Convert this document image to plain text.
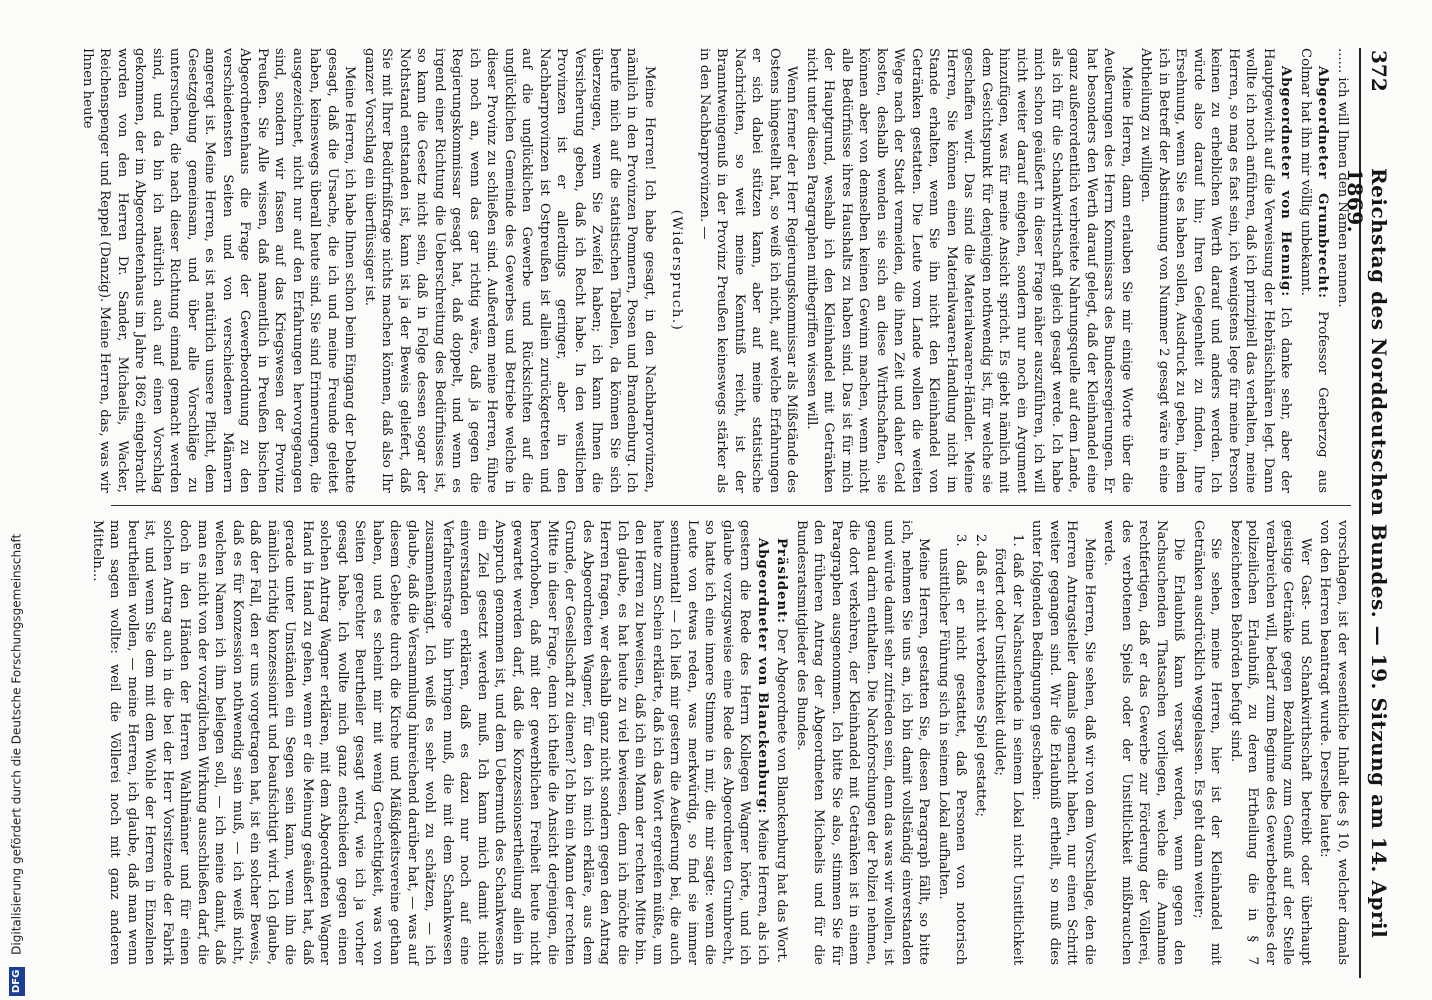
372
Reichstag des Norddeutschen Bundes. — 19. Sitzung am 14. April 1869.

...... ich will Ihnen den Namen nennen.

Abgeordneter Grumbrecht: Professor Gerberzog aus Colmar hat ihn mir völlig unbekannt.

Abgeordneter von Hennig: Ich danke sehr, aber der Hauptgewicht auf die Verweisung der Hebräischhären legt. Dann wollte ich noch anführen, daß ich prinzipiell das verhalten, meine Herren, so mag es fast sein, ich wenigstens lege für meine Person keinen zu erheblichen Werth darauf und anders werden. Ich würde also darauf hin; Ihren Gelegenheit zu finden, Ihre Ersehnung, wenn Sie es haben sollen, Ausdruck zu geben, indem ich in Betreff der Abstimmung von Nummer 2 gesagt wäre in eine Abtheilung zu willigen.

Meine Herren, dann erlauben Sie mir einige Worte über die Aeußerungen des Herrn Kommissars des Bundesregierungen. Er hat besonders den Werth darauf gelegt, daß der Kleinhandel eine ganz außerordentlich verbreitete Nahrungsquelle auf dem Lande, als ich für die Schankwirthschaft gleich gesagt werde. Ich habe mich schon geäußert in dieser Frage näher auszuführen, ich will nicht weiter darauf eingehen, sondern nur noch ein Argument hinzufügen, was für meine Ansicht spricht. Es giebt nämlich mit dem Gesichtspunkt für denjenigen nothwendig ist, für welche sie geschaffen wird. Das sind die Materialwaaren-Händler. Meine Herren, Sie können einen Materialwaaren-Handlung nicht im Stande erhalten, wenn Sie ihn nicht den Kleinhandel von Getränken gestatten. Die Leute vom Lande wollen die weiten Wege nach der Stadt vermeiden, die ihnen Zeit und daher Geld kosten, deshalb wenden sie sich an diese Wirthschaften, sie können aber von demselben keinen Gewinn machen, wenn nicht alle Bedürfnisse ihres Haushalts zu haben sind. Das ist für mich der Hauptgrund, weshalb ich den Kleinhandel mit Getränken nicht unter diesen Paragraphen mitbegriffen wissen will.

Wenn ferner der Herr Regierungskommissar als Mißstände des Ostens hingestellt hat, so weiß ich nicht, auf welche Erfahrungen er sich dabei stützen kann, aber auf meine statistische Nachrichten, so weit meine Kenntniß reicht, ist der Branntweingenuß in der Provinz Preußen keineswegs stärker als in den Nachbarprovinzen. —

(Widerspruch.)

Meine Herren! Ich habe gesagt, in den Nachbarprovinzen, nämlich in den Provinzen Pommern, Posen und Brandenburg. Ich berufe mich auf die statistischen Tabellen, da können Sie sich überzeugen, wenn Sie Zweifel haben; ich kann Ihnen die Versicherung geben, daß ich Recht habe. In den westlichen Provinzen ist er allerdings geringer, aber in den Nachbarprovinzen ist Ostpreußen ist allein zurückgetreten und auf die unglücklichen Gewerbe und Rücksichten auf die unglücklichen Gemeinde des Gewerbes und Betriebe welche in dieser Provinz zu schließen sind. Außerdem meine Herren, führe ich noch an, wenn das gar richtig wäre, daß ja gegen die Regierungskommissar gesagt hat, daß doppelt, und wenn es irgend einer Richtung die Ueberschreitung des Bedürfnisses ist, so kann die Gesetz nicht sein, daß in Folge dessen sogar der Nothstand entstanden ist, kann ist ja der Beweis geliefert, daß Sie mit Ihrer Bedürfnißfrage nichts machen können, daß also Ihr ganzer Vorschlag ein überflüssiger ist.

Meine Herren, ich habe Ihnen schon beim Eingang der Debatte gesagt, daß die Ursache, die ich und meine Freunde geleitet haben, keineswegs überall heute sind. Sie sind Erinnerungen, die ausgezeichnet, nicht nur auf den Erfahrungen hervorgegangen sind, sondern wir fassen auf das Kriegswesen der Provinz Preußen. Sie Alle wissen, daß namentlich in Preußen bischen Abgeordnetenhaus die Frage der Gewerbeordnung zu den verschiedensten Seiten und von verschiedenen Männern angeregt ist. Meine Herren, es ist natürlich unsere Pflicht, dem Gesetzgebung gemeinsam, und über alle Vorschläge zu untersuchen, die nach dieser Richtung einmal gemacht werden sind, und da bin ich natürlich auch auf einen Vorschlag gekommen, der im Abgeordnetenhaus im Jahre 1862 eingebracht worden von den Herren Dr. Sander, Michaelis, Wacker, Reichenspenger und Reppel (Danzig). Meine Herren, das, was wir Ihnen heute

vorschlagen, ist der wesentliche Inhalt des § 10, welcher damals von den Herren beantragt wurde. Derselbe lautet:

Wer Gast- und Schankwirthschaft betreibt oder überhaupt geistige Getränke gegen Bezahlung zum Genuß auf der Stelle verabreichen will, bedarf zum Beginne des Gewerbebetriebes der polizeilichen Erlaubniß, zu deren Ertheilung die in § 7 bezeichneten Behörden befugt sind.

Sie sehen, meine Herren, hier ist der Kleinhandel mit Getränken ausdrücklich weggelassen. Es geht dann weiter;

Die Erlaubniß kann versagt werden, wenn gegen den Nachsuchenden Thatsachen vorliegen, welche die Annahme rechtfertigen, daß er das Gewerbe zur Förderung der Völlerei, des verbotenen Spiels oder der Unsittlichkeit mißbrauchen werde.

Meine Herren, Sie sehen, daß wir von dem Vorschlage, den die Herren Antragsteller damals gemacht haben, nur einen Schritt weiter gegangen sind. Wir die Erlaubniß ertheilt, so muß dies unter folgenden Bedingungen geschehen:

1. daß der Nachsuchende in seinem Lokal nicht Unsittlichkeit fördert oder Unsittlichkeit duldet;

2. daß er nicht verbotenes Spiel gestattet;

3. daß er nicht gestattet, daß Personen von notorisch unsittlicher Führung sich in seinem Lokal aufhalten.

Meine Herren, gestatten Sie, diesen Paragraph fällt, so bitte ich, nehmen Sie uns an, ich bin damit vollständig einverstanden und würde damit sehr zufrieden sein, denn das was wir wollen, ist genau darin enthalten. Die Nachforschungen der Polizei nehmen, die dort verkehren, der Kleinhandel mit Getränken ist in einem Paragraphen ausgenommen. Ich bitte Sie also, stimmen Sie für den früheren Antrag der Abgeordneten Michaelis und für die Bundesratsmitglieder des Bundes.

Präsident: Der Abgeordnete von Blanckenburg hat das Wort.

Abgeordneter von Blanckenburg: Meine Herren, als ich gestern die Rede des Herrn Kollegen Wagner hörte, und ich glaube vorzugsweise eine Rede des Abgeordneten Grumbrecht, so hatte ich eine innere Stimme in mir, die mir sagte: wenn die Leute von etwas reden, was merkwürdig, so find sie immer sentimental! — Ich ließ mir gestern die Aeußerung bei, die auch heute zum Schein erklärte, daß ich das Wort ergreifen müßte, um den Herren zu beweisen, daß ich ein Mann der rechten Mitte bin. Ich glaube, es hat heute zu viel bewiesen, denn ich möchte die Herren fragen, wer deshalb ganz nicht sondern gegen den Antrag des Abgeordneten Wagner, für den ich mich erkläre, aus dem Grunde, der Gesellschaft zu dienen? Ich bin ein Mann der rechten Mitte in dieser Frage, denn ich theile die Ansicht derjenigen, die hervorhoben, daß mit der gewerblichen Freiheit heute nicht gewartet werden darf, daß die Konzessionsertheilung allein in Anspruch genommen ist, und dem Uebermuth des Schankwesens ein Ziel gesetzt werden muß. Ich kann mich damit nicht einverstanden erklären, daß es dazu nur noch auf eine Verfahrensfrage hin bringen muß, die mit dem Schankwesen zusammenhängt. Ich weiß es sehr wohl zu schätzen, — ich glaube, daß die Versammlung hinreichend darüber hat, — was auf diesem Gebiete durch die Kirche und Mäßigkeitsvereine gethan haben, und es scheint mir mit wenig Gerechtigkeit, was von Seiten gerechter Beurtheiler gesagt wird, wie ich ja vorher gesagt habe. Ich wollte mich ganz entschieden gegen einen solchen Antrag Wagner erklären, mit dem Abgeordneten Wagner Hand in Hand zu gehen, wenn er die Meinung geäußert hat, daß gerade unter Umständen ein Segen sein kann, wenn ihn die nämlich richtig konzessionirt und beaufsichtigt wird. Ich glaube, daß der Fall, den er uns vorgetragen hat, ist ein solcher Beweis, daß es für Konzession nothwendig sein muß, — ich weiß nicht, welchen Namen ich ihm beilegen soll, — ich meine damit, daß man es nicht von der vorzüglichen Wirkung ausschließen darf, die doch in den Händen der Herren Wahlmänner und für einen solchen Antrag auch in die bei der Herr Vorsitzende der Fabrik ist, und wenn Sie dem mit dem Wohle der Herren in Einzelnen beurtheilen wollen, — meine Herren, ich glaube, daß man wenn man sagen wollte: weil die Völlerei noch mit ganz anderen Mitteln...

DFG Digitalisierung gefördert durch die Deutsche Forschungsgemeinschaft
